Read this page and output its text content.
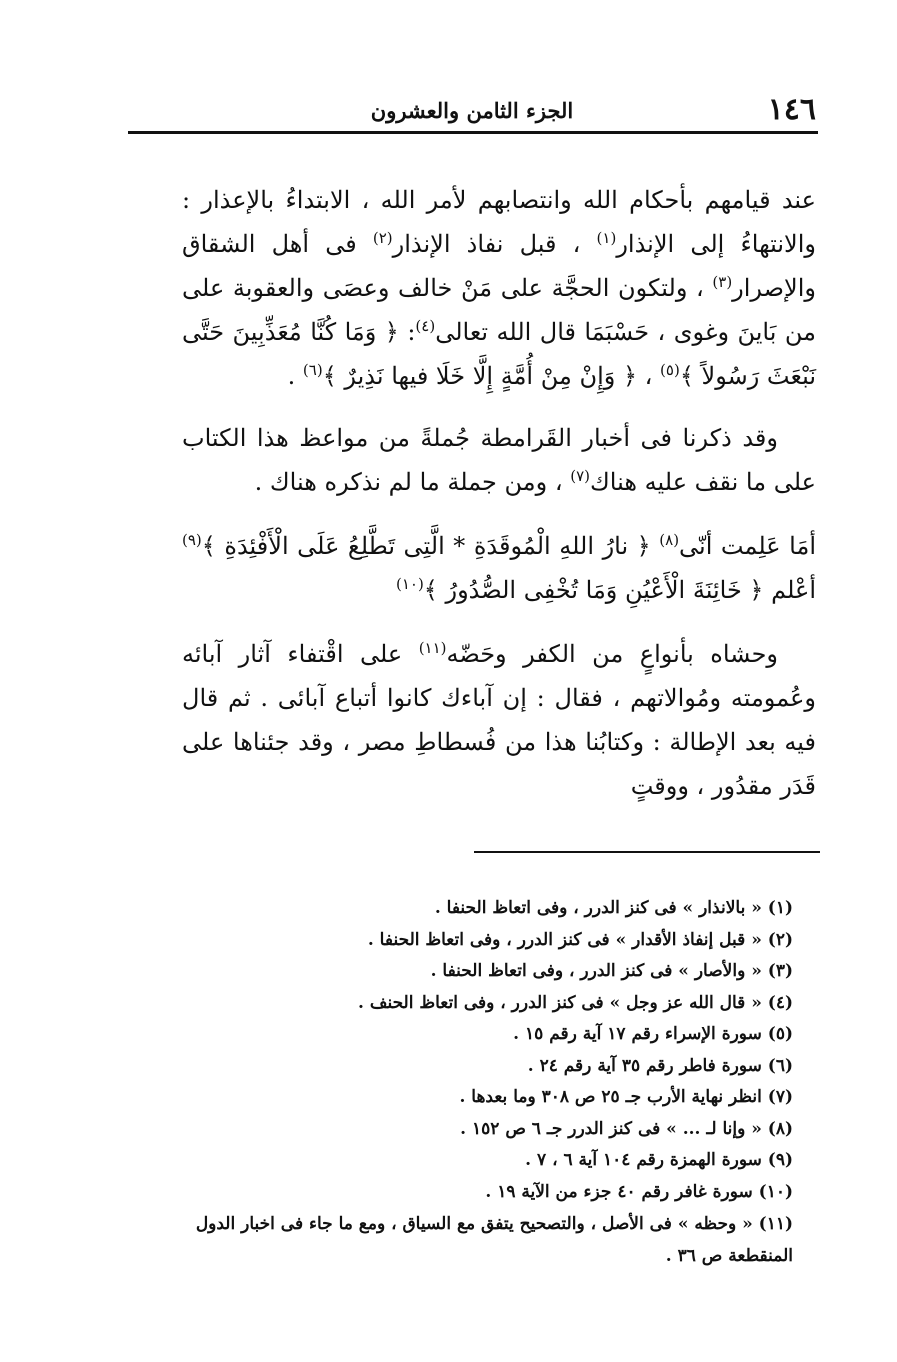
١٤٦
الجزء الثامن والعشرون

عند قيامهم بأحكام الله وانتصابهم لأمر الله ، الابتداءُ بالإعذار : والانتهاءُ إلى الإنذار$^{(١)}$ ، قبل نفاذ الإنذار$^{(٢)}$ فى أهل الشقاق والإصرار$^{(٣)}$ ، ولتكون الحجَّة على مَنْ خالف وعصَى والعقوبة على من بَاينَ وغوى ، حَسْبَمَا قال الله تعالى$^{(٤)}$: ﴿ وَمَا كُنَّا مُعَذِّبِينَ حَتَّى نَبْعَثَ رَسُولاً ﴾$^{(٥)}$ ، ﴿ وَإِنْ مِنْ أُمَّةٍ إِلَّا خَلَا فيها نَذِيرٌ ﴾$^{(٦)}$ .

وقد ذكرنا فى أخبار القَرامطة جُملةً من مواعظ هذا الكتاب على ما نقف عليه هناك$^{(٧)}$ ، ومن جملة ما لم نذكره هناك .

أمَا عَلِمت أنّى$^{(٨)}$ ﴿ نارُ اللهِ الْمُوقَدَةِ * الَّتِى تَطَّلِعُ عَلَى الْأَفْئِدَةِ ﴾$^{(٩)}$ أعْلم ﴿ خَائِنَةَ الْأَعْيُنِ وَمَا تُخْفِى الصُّدُورُ ﴾$^{(١٠)}$

وحشاه بأنواعٍ من الكفر وحَضّه$^{(١١)}$ على اقْتفاء آثار آبائه وعُمومته ومُوالاتهم ، فقال : إن آباءك كانوا أتباع آبائى . ثم قال فيه بعد الإطالة : وكتابُنا هذا من فُسطاطِ مصر ، وقد جئناها على قَدَر مقدُور ، ووقتٍ

(١) « بالانذار » فى كنز الدرر ، وفى اتعاظ الحنفا .

(٢) « قبل إنفاذ الأقدار » فى كنز الدرر ، وفى اتعاظ الحنفا .

(٣) « والأصار » فى كنز الدرر ، وفى اتعاظ الحنفا .

(٤) « قال الله عز وجل » فى كنز الدرر ، وفى اتعاظ الحنف .

(٥) سورة الإسراء رقم ١٧ آية رقم ١٥ .

(٦) سورة فاطر رقم ٣٥ آية رقم ٢٤ .

(٧) انظر نهاية الأرب جـ ٢٥ ص ٣٠٨ وما بعدها .

(٨) « وإنا لـ ... » فى كنز الدرر جـ ٦ ص ١٥٢ .

(٩) سورة الهمزة رقم ١٠٤ آية ٦ ، ٧ .

(١٠) سورة غافر رقم ٤٠ جزء من الآية ١٩ .

(١١) « وحظه » فى الأصل ، والتصحيح يتفق مع السياق ، ومع ما جاء فى اخبار الدول المنقطعة ص ٣٦ .
